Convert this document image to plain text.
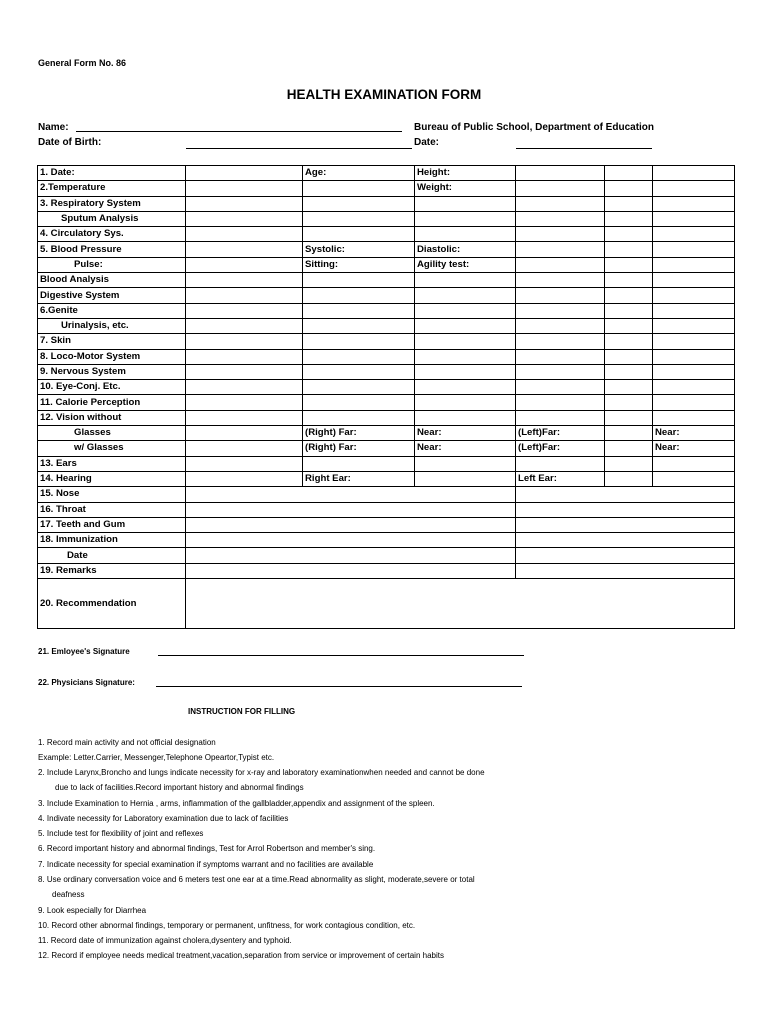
General Form No. 86
HEALTH EXAMINATION FORM
Name:	Bureau of Public School, Department of Education
Date of Birth:	Date:
1. Date:		Age:	Height:			
2.Temperature			Weight:			
3. Respiratory System						
Sputum Analysis						
4. Circulatory Sys.						
5. Blood Pressure		Systolic:	Diastolic:			
Pulse:		Sitting:	Agility test:			
Blood Analysis						
Digestive System						
6.Genite						
Urinalysis, etc.						
7. Skin						
8. Loco-Motor System						
9. Nervous System						
10. Eye-Conj. Etc.						
11. Calorie Perception						
12. Vision without						
Glasses		(Right) Far:	Near:	(Left)Far:		Near:
w/ Glasses		(Right) Far:	Near:	(Left)Far:		Near:
13. Ears						
14. Hearing		Right Ear:		Left Ear:		
15. Nose						
16. Throat						
17. Teeth and Gum						
18. Immunization						
Date						
19. Remarks						
20. Recommendation						
21. Emloyee's Signature
22. Physicians Signature:
INSTRUCTION FOR FILLING
1. Record main activity and not official designation
Example: Letter.Carrier, Messenger,Telephone Opeartor,Typist etc.
2. Include Larynx,Broncho and lungs indicate necessity for x-ray and laboratory examinationwhen needed and cannot be done
due to lack of facilities.Record important history and abnormal findings
3. Include Examination to Hernia , arms, inflammation of the gallbladder,appendix and assignment of the spleen.
4. Indivate necessity for Laboratory examination due to lack of facilities
5. Include test for flexibility of joint and reflexes
6. Record important history and abnormal findings, Test for Arrol Robertson and member's sing.
7. Indicate necessity for special examination if symptoms warrant and no facilities are available
8. Use ordinary conversation voice and 6 meters test one ear at a time.Read abnormality as slight, moderate,severe or total
deafness
9. Look especially for Diarrhea
10. Record other abnormal findings, temporary or permanent, unfitness, for work contagious condition, etc.
11. Record date of immunization against cholera,dysentery and typhoid.
12. Record if employee needs medical treatment,vacation,separation from service or improvement of certain habits
